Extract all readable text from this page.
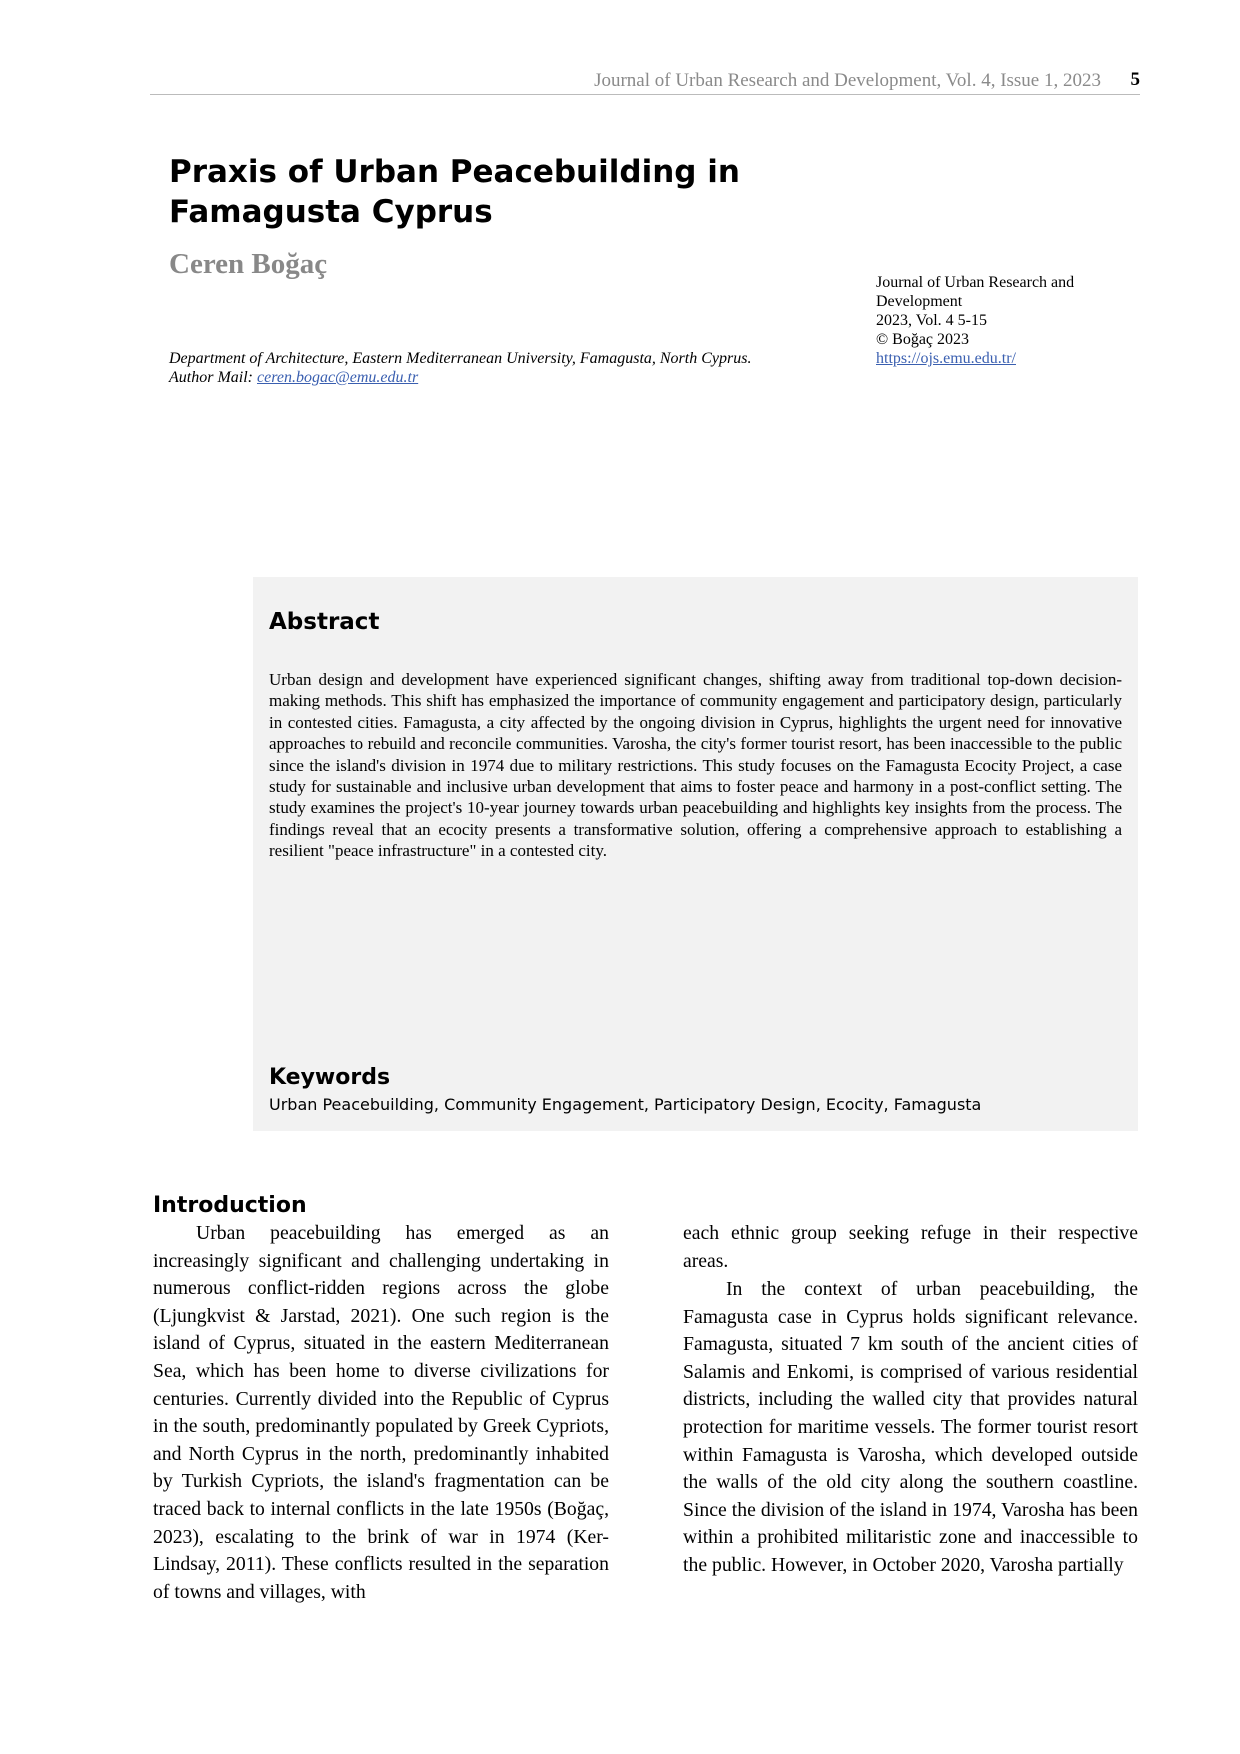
Journal of Urban Research and Development, Vol. 4, Issue 1, 2023 5
Praxis of Urban Peacebuilding in Famagusta Cyprus
Ceren Boğaç
Department of Architecture, Eastern Mediterranean University, Famagusta, North Cyprus.
Author Mail: ceren.bogac@emu.edu.tr
Journal of Urban Research and Development
2023, Vol. 4 5-15
© Boğaç 2023
https://ojs.emu.edu.tr/
Abstract

Urban design and development have experienced significant changes, shifting away from traditional top-down decision-making methods. This shift has emphasized the importance of community engagement and participatory design, particularly in contested cities. Famagusta, a city affected by the ongoing division in Cyprus, highlights the urgent need for innovative approaches to rebuild and reconcile communities. Varosha, the city's former tourist resort, has been inaccessible to the public since the island's division in 1974 due to military restrictions. This study focuses on the Famagusta Ecocity Project, a case study for sustainable and inclusive urban development that aims to foster peace and harmony in a post-conflict setting. The study examines the project's 10-year journey towards urban peacebuilding and highlights key insights from the process. The findings reveal that an ecocity presents a transformative solution, offering a comprehensive approach to establishing a resilient "peace infrastructure" in a contested city.

Keywords

Urban Peacebuilding, Community Engagement, Participatory Design, Ecocity, Famagusta

Introduction

Urban peacebuilding has emerged as an increasingly significant and challenging undertaking in numerous conflict-ridden regions across the globe (Ljungkvist & Jarstad, 2021). One such region is the island of Cyprus, situated in the eastern Mediterranean Sea, which has been home to diverse civilizations for centuries. Currently divided into the Republic of Cyprus in the south, predominantly populated by Greek Cypriots, and North Cyprus in the north, predominantly inhabited by Turkish Cypriots, the island's fragmentation can be traced back to internal conflicts in the late 1950s (Boğaç, 2023), escalating to the brink of war in 1974 (Ker-Lindsay, 2011). These conflicts resulted in the separation of towns and villages, with

each ethnic group seeking refuge in their respective areas.

In the context of urban peacebuilding, the Famagusta case in Cyprus holds significant relevance. Famagusta, situated 7 km south of the ancient cities of Salamis and Enkomi, is comprised of various residential districts, including the walled city that provides natural protection for maritime vessels. The former tourist resort within Famagusta is Varosha, which developed outside the walls of the old city along the southern coastline. Since the division of the island in 1974, Varosha has been within a prohibited militaristic zone and inaccessible to the public. However, in October 2020, Varosha partially
